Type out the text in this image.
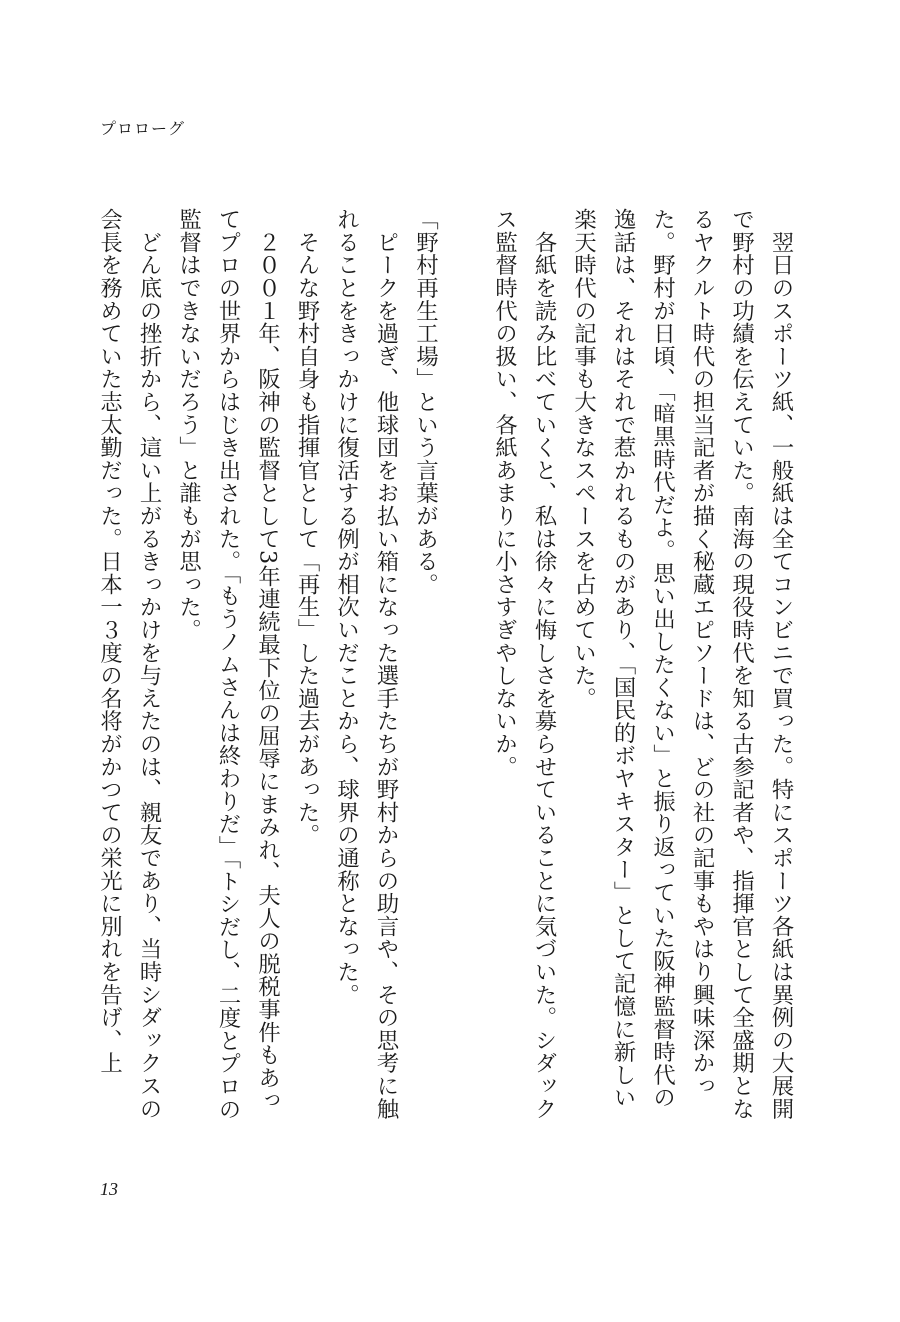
プロローグ

　翌日のスポーツ紙、一般紙は全てコンビニで買った。特にスポーツ各紙は異例の大展開で野村の功績を伝えていた。南海の現役時代を知る古参記者や、指揮官として全盛期となるヤクルト時代の担当記者が描く秘蔵エピソードは、どの社の記事もやはり興味深かった。野村が日頃、「暗黒時代だよ。思い出したくない」と振り返っていた阪神監督時代の逸話は、それはそれで惹かれるものがあり、「国民的ボヤキスター」として記憶に新しい楽天時代の記事も大きなスペースを占めていた。

　各紙を読み比べていくと、私は徐々に悔しさを募らせていることに気づいた。シダックス監督時代の扱い、各紙あまりに小さすぎやしないか。

「野村再生工場」という言葉がある。

　ピークを過ぎ、他球団をお払い箱になった選手たちが野村からの助言や、その思考に触れることをきっかけに復活する例が相次いだことから、球界の通称となった。

　そんな野村自身も指揮官として「再生」した過去があった。

　２００１年、阪神の監督として3年連続最下位の屈辱にまみれ、夫人の脱税事件もあってプロの世界からはじき出された。「もうノムさんは終わりだ」「トシだし、二度とプロの監督はできないだろう」と誰もが思った。

　どん底の挫折から、這い上がるきっかけを与えたのは、親友であり、当時シダックスの会長を務めていた志太勤だった。日本一３度の名将がかつての栄光に別れを告げ、上

13
